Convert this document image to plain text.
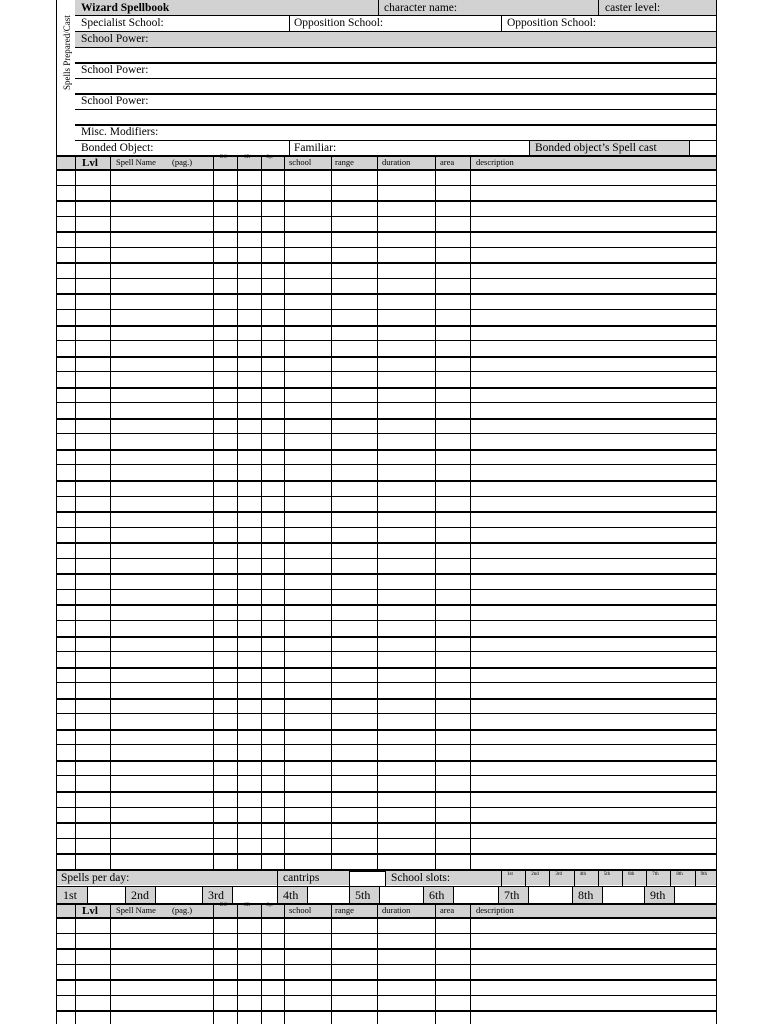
Spells Prepared/Cast
Wizard Spellbook	character name:	caster level:
Specialist School:	Opposition School:	Opposition School:
School Power:
School Power:
School Power:
Misc. Modifiers:
Bonded Object:	Familiar:	Bonded object’s Spell cast
Lvl Spell Name (pag.)	DC	SR	Cp. school	range	duration	area	description
Spells per day:	cantrips	School slots:	1st	2nd	3rd	4th	5th	6th	7th	8th	9th
1st	2nd	3rd	4th	5th	6th	7th	8th	9th
Lvl Spell Name (pag.)	DC	SR	Cp. school	range	duration	area	description
